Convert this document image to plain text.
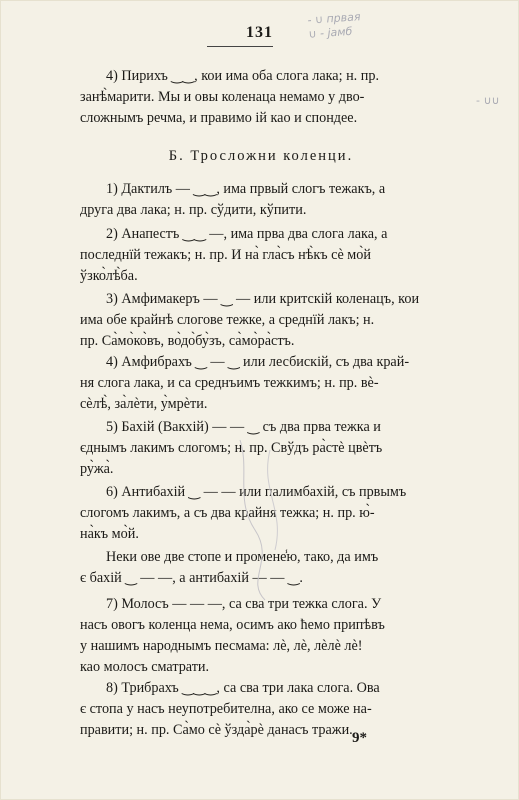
131
- ∪ првая
∪ - јамб
- ∪∪

4) Пирихъ ‿‿, кои има оба слога лака; н. пр.

занѣ̀марити. Мы и овы коленаца немамо у дво-

сложнымъ речма, и правимо ій као и спондее.

Б. Тросложни коленци.

1) Дактилъ — ‿‿, има првый слогъ тежакъ, а

друга два лака; н. пр. сўдити, кўпити.

2) Анапестъ ‿‿ —, има прва два слога лака, а

последнїй тежакъ; н. пр. И на̀ гла̀съ нѣ̀къ сѐ мо̀й

ўзко̀лѣ̀ба.

3) Амфимакеръ — ‿ — или критскій коленацъ, кои

има обе крайнѣ слогове тежке, а среднїй лакъ; н.

пр. Са̀мо̀ко̀въ, во̀до̀бу̀зъ, са̀мо̀ра̀стъ.

4) Амфибрахъ ‿ — ‿ или лесбискій, съ два край-

ня слога лака, и са среднъимъ тежкимъ; н. пр. вѐ-

сѐлѣ̀, за̀лѐти, у̀мрѐти.

5) Бахій (Вакхій) — — ‿ съ два прва тежка и

єднымъ лакимъ слогомъ; н. пр. Свўдъ ра̀стѐ цвѐтъ

ру̀жа̀.

6) Антибахій ‿ — — или палимбахій, съ првымъ

слогомъ лакимъ, а съ два крайня тежка; н. пр. ю̀-

на̀къ мо̀й.

Неки ове две стопе и промене̾ю, тако, да имъ

є бахій ‿ — —, а антибахій — — ‿.

7) Молосъ — — —, са сва три тежка слога. У

насъ овогъ коленца нема, осимъ ако ћемо припѣвъ

у нашимъ народнымъ песмама: лѐ, лѐ, лѐлѐ лѐ!

као молосъ сматрати.

8) Трибрахъ ‿‿‿, са сва три лака слога. Ова

є стопа у насъ неупотребителна, ако се може на-

правити; н. пр. Са̀мо сѐ ўзда̀рѐ данасъ тражи. 9*
